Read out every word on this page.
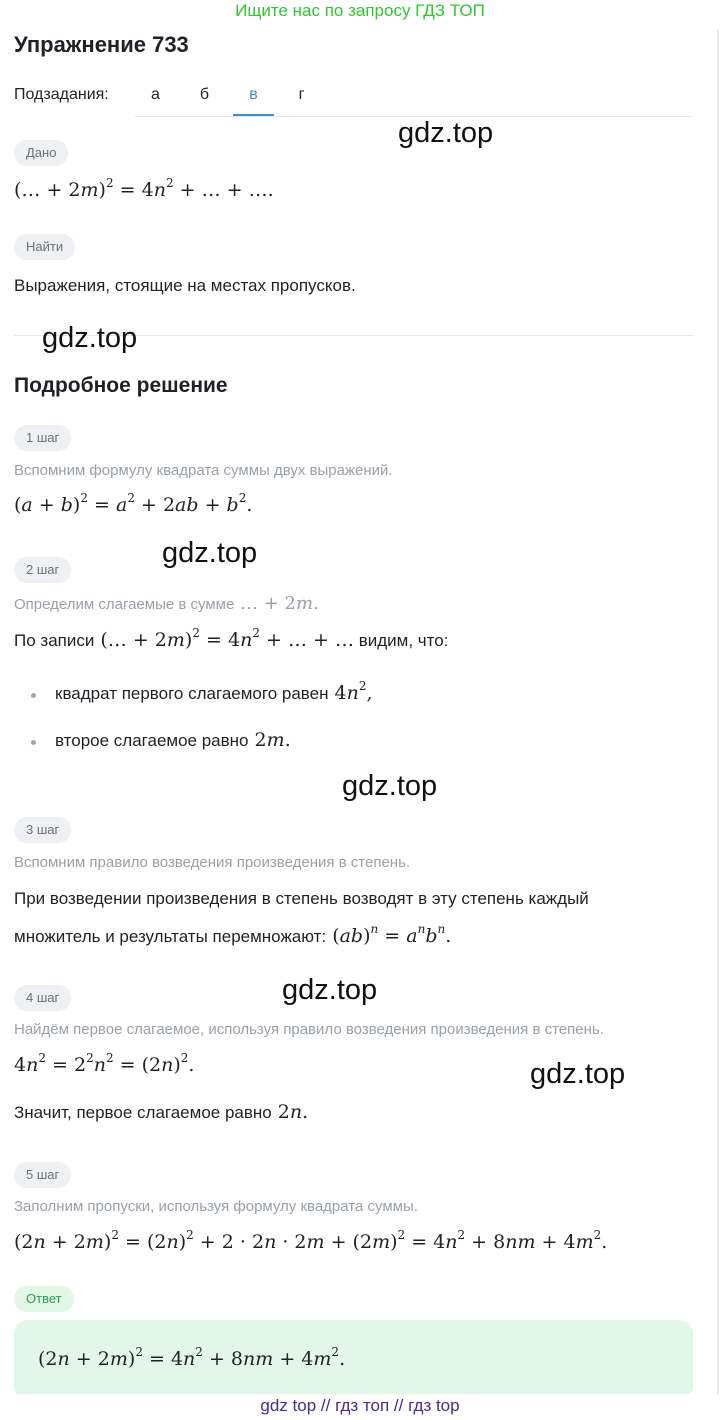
Ищите нас по запросу ГДЗ ТОП
Упражнение 733
Подзадания:	а	б	в	г
Дано
(… + $2m)^2 = 4n^2$ + … + ….
Найти
Выражения, стоящие на местах пропусков.
Подробное решение
1 шаг
Вспомним формулу квадрата суммы двух выражений.
$(a + b)^2 = a^2 + 2ab + b^2$.
2 шаг
Определим слагаемые в сумме … + 2m.
По записи (… + $2m)^2 = 4n^2$ + … + … видим, что:
квадрат первого слагаемого равен $4n^2$,
второе слагаемое равно 2m.
3 шаг
Вспомним правило возведения произведения в степень.
При возведении произведения в степень возводят в эту степень каждый
множитель и результаты перемножают: $(ab)^n = a^nb^n$.
4 шаг
Найдём первое слагаемое, используя правило возведения произведения в степень.
$4n^2 = 2^2n^2 = (2n)^2$.
Значит, первое слагаемое равно 2n.
5 шаг
Заполним пропуски, используя формулу квадрата суммы.
$(2n + 2m)^2 = (2n)^2 + 2 \cdot 2n \cdot 2m + (2m)^2 = 4n^2 + 8nm + 4m^2$.
Ответ
$(2n + 2m)^2 = 4n^2 + 8nm + 4m^2$.
gdz.top
gdz.top
gdz.top
gdz.top
gdz.top
gdz.top
gdz top // гдз топ // гдз top
